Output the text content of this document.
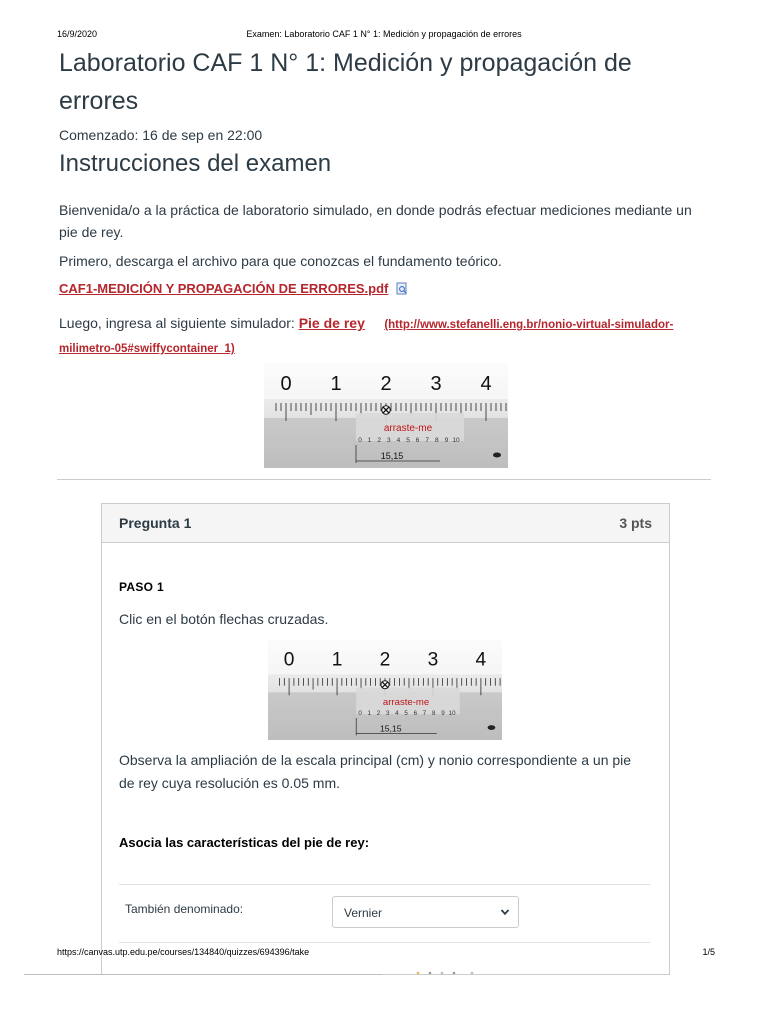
16/9/2020	Examen: Laboratorio CAF 1 N° 1: Medición y propagación de errores
Laboratorio CAF 1 N° 1: Medición y propagación de errores
Comenzado: 16 de sep en 22:00
Instrucciones del examen

Bienvenida/o a la práctica de laboratorio simulado, en donde podrás efectuar mediciones mediante un pie de rey.

Primero, descarga el archivo para que conozcas el fundamento teórico.

CAF1-MEDICIÓN Y PROPAGACIÓN DE ERRORES.pdf

Luego, ingresa al siguiente simulador: Pie de rey (http://www.stefanelli.eng.br/nonio-virtual-simulador-milimetro-05#swiffycontainer_1)

0 1 2 3 4
arraste-me
0 1 2 3 4 5 6 7 8 9 10
15,15
Pregunta 1	3 pts
PASO 1

Clic en el botón flechas cruzadas.

Observa la ampliación de la escala principal (cm) y nonio correspondiente a un pie de rey cuya resolución es 0.05 mm.

Asocia las características del pie de rey:
También denominado:	Vernier
0 1 2 3 4
arraste-me
0 1 2 3 4 5 6 7 8 9 10
15,15
https://canvas.utp.edu.pe/courses/134840/quizzes/694396/take	1/5
